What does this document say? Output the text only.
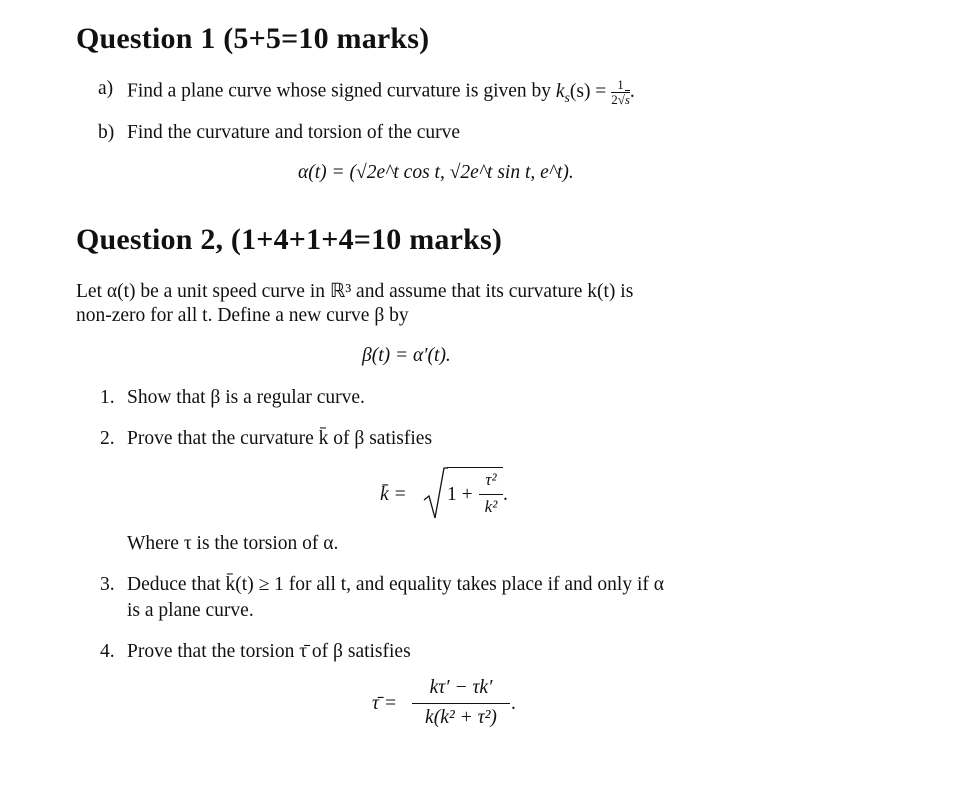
Question 1 (5+5=10 marks)
a) Find a plane curve whose signed curvature is given by $k_s(s) = \frac{1}{2√s}$ .
b) Find the curvature and torsion of the curve
α(t) = (√2e^t cos t, √2e^t sin t, e^t).
Question 2, (1+4+1+4=10 marks)
Let α(t) be a unit speed curve in ℝ³ and assume that its curvature k(t) is
non-zero for all t. Define a new curve β by
β(t) = α′(t).
1. Show that β is a regular curve.
2. Prove that the curvature k̄ of β satisfies
k̄ = 1 +
τ²
k²
.
Where τ is the torsion of α.
3. Deduce that k̄(t) ≥ 1 for all t, and equality takes place if and only if α
is a plane curve.
4. Prove that the torsion τ̄ of β satisfies
τ̄ =
kτ′ − τk′
k(k² + τ²)
.
